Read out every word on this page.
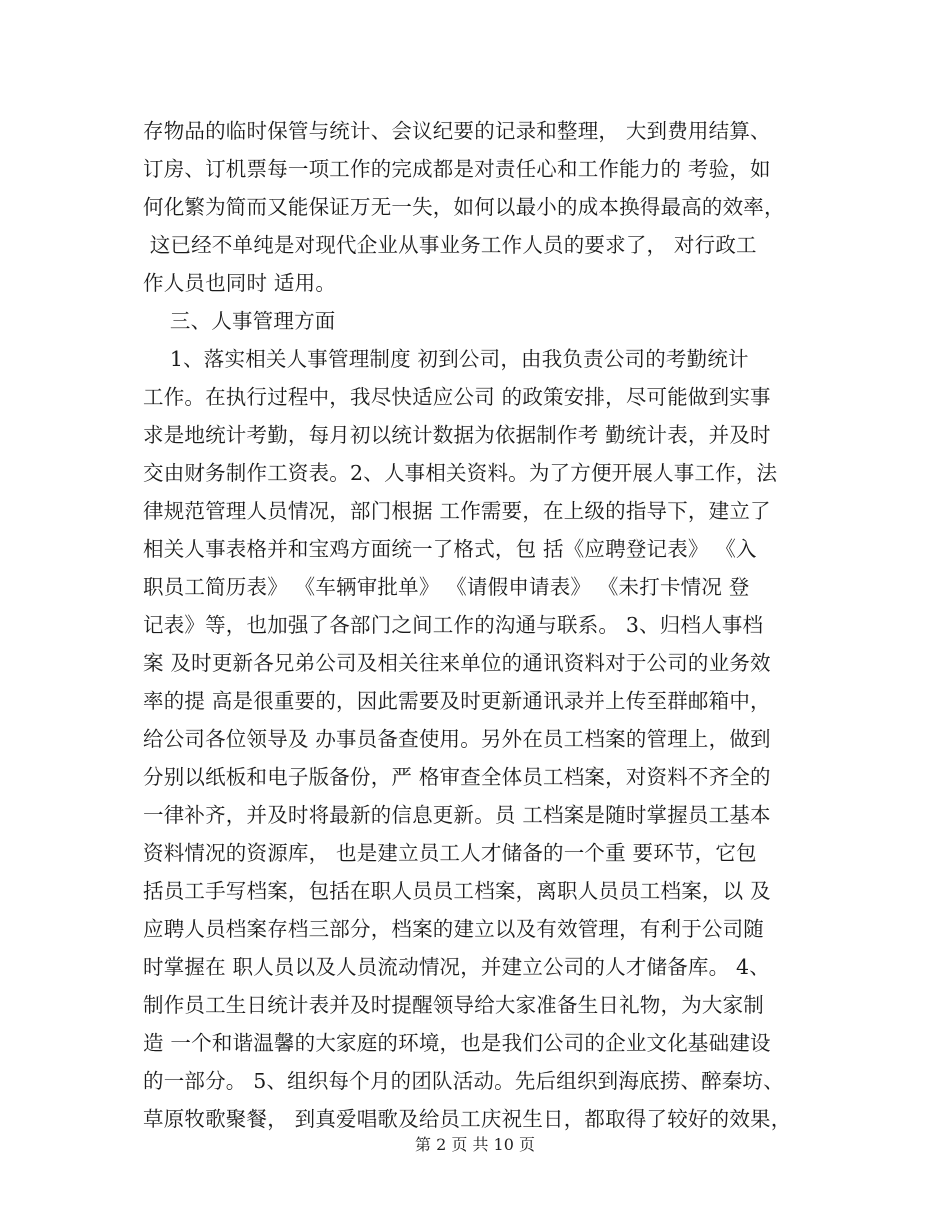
存物品的临时保管与统计、会议纪要的记录和整理， 大到费用结算、
订房、订机票每一项工作的完成都是对责任心和工作能力的 考验，如
何化繁为简而又能保证万无一失，如何以最小的成本换得最高的效率，
这已经不单纯是对现代企业从事业务工作人员的要求了， 对行政工
作人员也同时 适用。
三、人事管理方面
1、落实相关人事管理制度 初到公司，由我负责公司的考勤统计
工作。在执行过程中，我尽快适应公司 的政策安排，尽可能做到实事
求是地统计考勤，每月初以统计数据为依据制作考 勤统计表，并及时
交由财务制作工资表。2、人事相关资料。为了方便开展人事工作，法
律规范管理人员情况，部门根据 工作需要，在上级的指导下，建立了
相关人事表格并和宝鸡方面统一了格式，包 括《应聘登记表》 《入
职员工简历表》 《车辆审批单》 《请假申请表》 《未打卡情况 登
记表》等，也加强了各部门之间工作的沟通与联系。 3、归档人事档
案 及时更新各兄弟公司及相关往来单位的通讯资料对于公司的业务效
率的提 高是很重要的，因此需要及时更新通讯录并上传至群邮箱中，
给公司各位领导及 办事员备查使用。另外在员工档案的管理上，做到
分别以纸板和电子版备份，严 格审查全体员工档案，对资料不齐全的
一律补齐，并及时将最新的信息更新。员 工档案是随时掌握员工基本
资料情况的资源库， 也是建立员工人才储备的一个重 要环节，它包
括员工手写档案，包括在职人员员工档案，离职人员员工档案，以 及
应聘人员档案存档三部分，档案的建立以及有效管理，有利于公司随
时掌握在 职人员以及人员流动情况，并建立公司的人才储备库。 4、
制作员工生日统计表并及时提醒领导给大家准备生日礼物，为大家制
造 一个和谐温馨的大家庭的环境，也是我们公司的企业文化基础建设
的一部分。 5、组织每个月的团队活动。先后组织到海底捞、醉秦坊、
草原牧歌聚餐， 到真爱唱歌及给员工庆祝生日，都取得了较好的效果，
第 2 页 共 10 页
